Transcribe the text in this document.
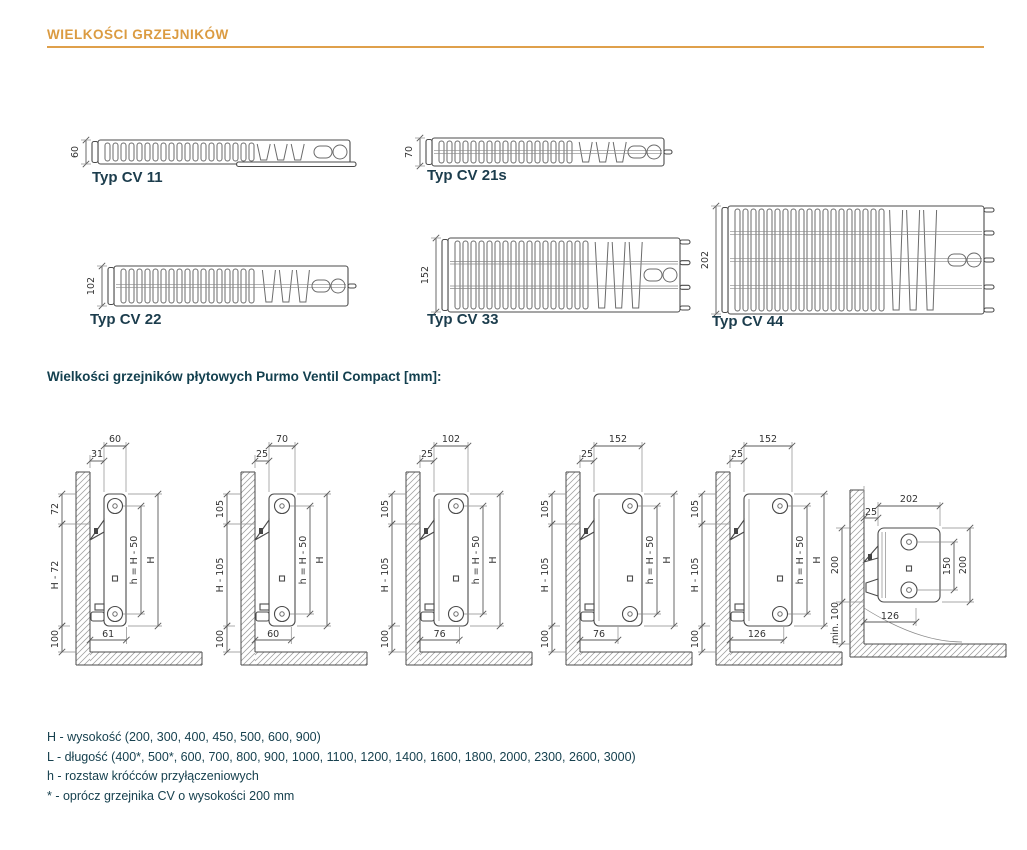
WIELKOŚCI GRZEJNIKÓW
60	70
102
152
202
Typ CV 11	Typ CV 21s
Typ CV 22	Typ CV 33	Typ CV 44
Wielkości grzejników płytowych Purmo Ventil Compact [mm]:
60
31
72
H - 72
100
h = H - 50 H
61
70
25
105
H - 105
100
h = H - 50 H
60
102
25
105
H - 105
100
h = H - 50 H
76
152
25
105
H - 105
100
h = H - 50 H
76
152
25
105
H - 105
100
h = H - 50 H
126
202
25
150 200
200
min. 100	126
H - wysokość (200, 300, 400, 450, 500, 600, 900)
L - długość (400*, 500*, 600, 700, 800, 900, 1000, 1100, 1200, 1400, 1600, 1800, 2000, 2300, 2600, 3000)
h - rozstaw króćców przyłączeniowych
* - oprócz grzejnika CV o wysokości 200 mm
